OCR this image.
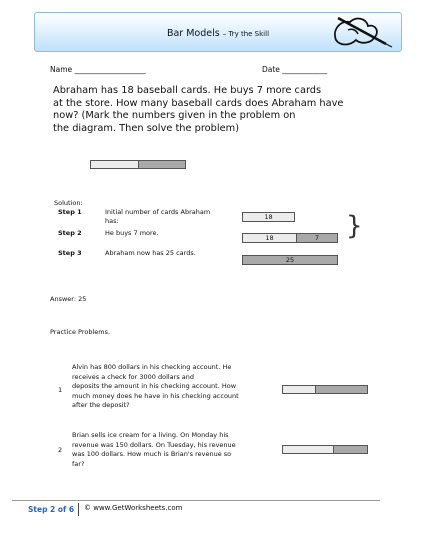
Bar Models – Try the Skill
Name ___________________	Date ____________
Abraham has 18 baseball cards. He buys 7 more cards
at the store. How many baseball cards does Abraham have
now? (Mark the numbers given in the problem on
the diagram. Then solve the problem)
Solution:
Step 1	Initial number of cards Abraham
has:	18
Step 2	He buys 7 more.
18	7	}
Step 3	Abraham now has 25 cards.
25
Answer: 25
Practice Problems.
1
Alvin has 800 dollars in his checking account. He
receives a check for 3000 dollars and
deposits the amount in his checking account. How
much money does he have in his checking account
after the deposit?
2
Brian sells ice cream for a living. On Monday his
revenue was 150 dollars. On Tuesday, his revenue
was 100 dollars. How much is Brian's revenue so
far?
Step 2 of 6 © www.GetWorksheets.com
